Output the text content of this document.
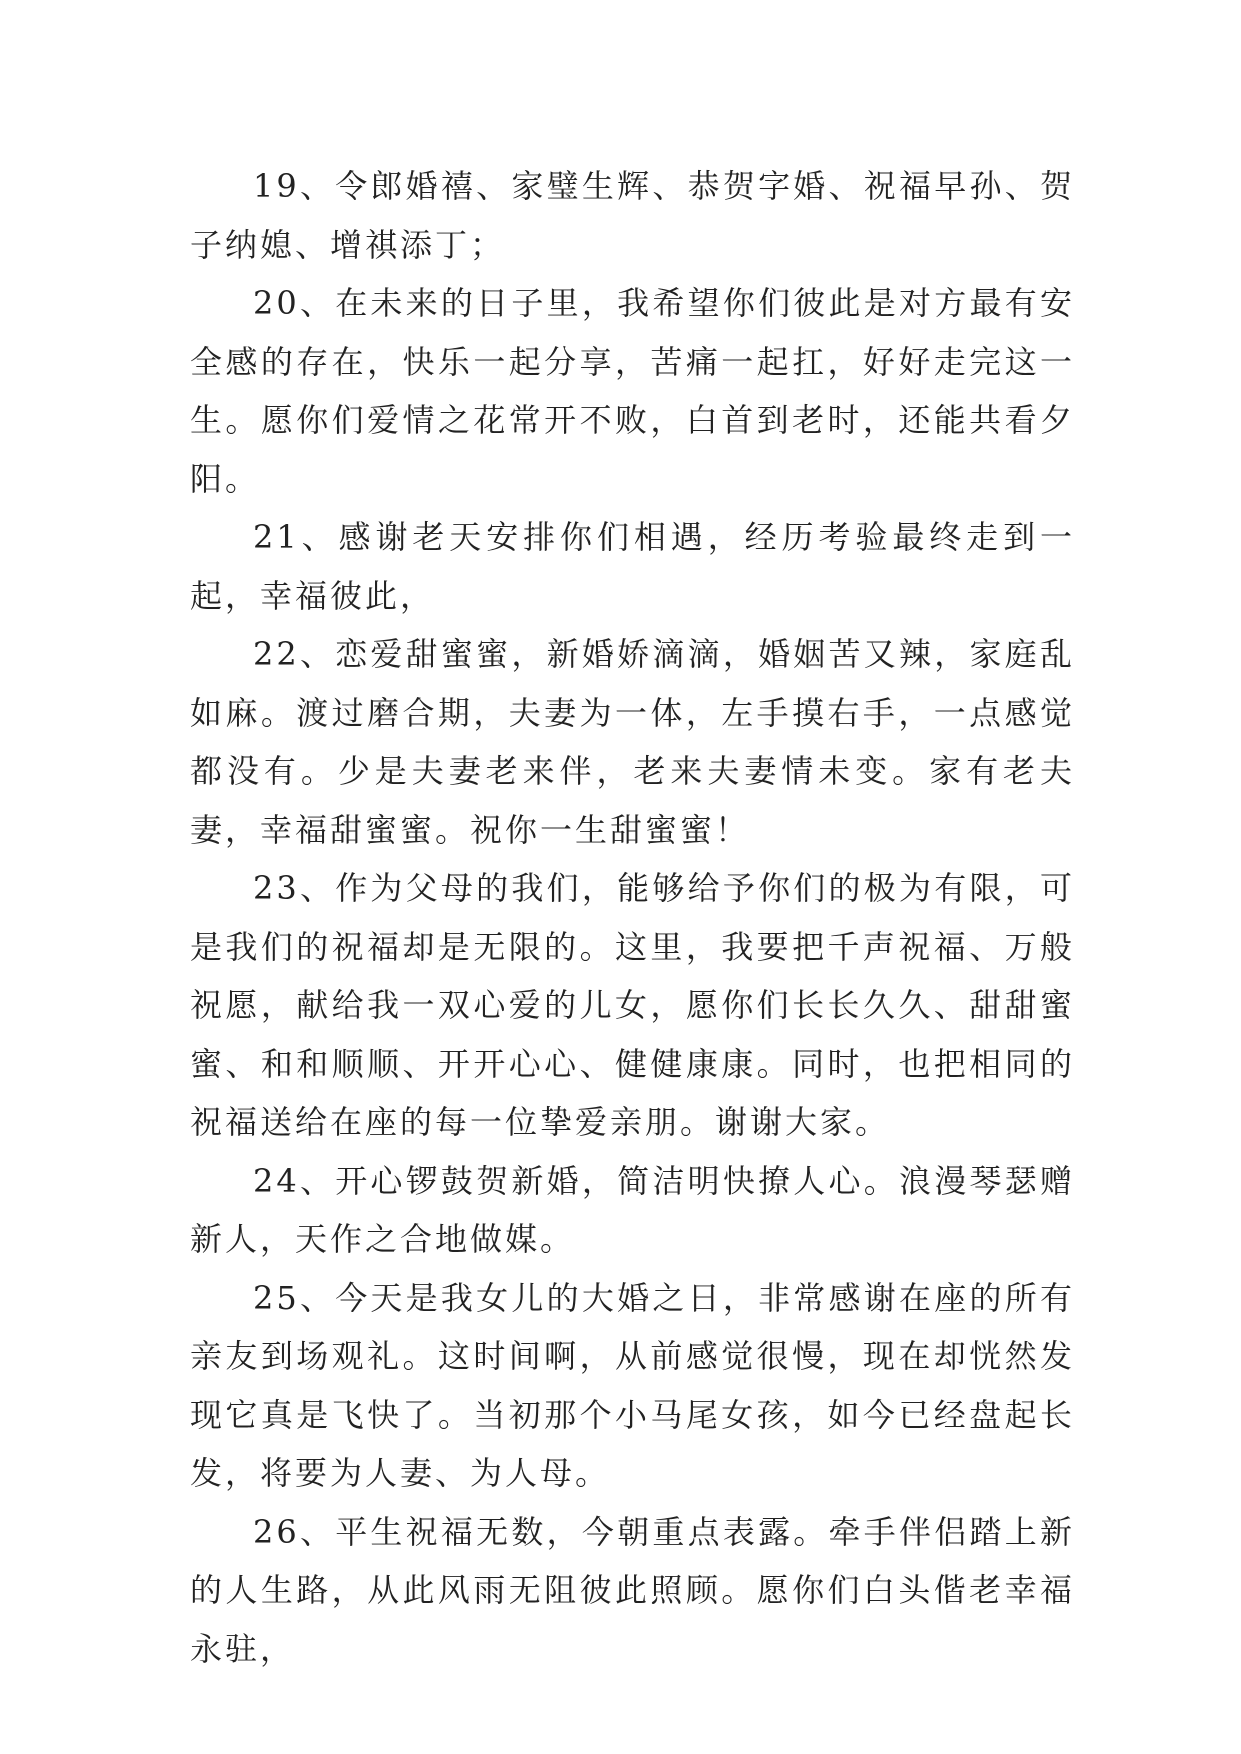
19、令郎婚禧、家璧生辉、恭贺字婚、祝福早孙、贺子纳媳、增祺添丁；

20、在未来的日子里，我希望你们彼此是对方最有安全感的存在，快乐一起分享，苦痛一起扛，好好走完这一生。愿你们爱情之花常开不败，白首到老时，还能共看夕阳。

21、感谢老天安排你们相遇，经历考验最终走到一起，幸福彼此，

22、恋爱甜蜜蜜，新婚娇滴滴，婚姻苦又辣，家庭乱如麻。渡过磨合期，夫妻为一体，左手摸右手，一点感觉都没有。少是夫妻老来伴，老来夫妻情未变。家有老夫妻，幸福甜蜜蜜。祝你一生甜蜜蜜！

23、作为父母的我们，能够给予你们的极为有限，可是我们的祝福却是无限的。这里，我要把千声祝福、万般祝愿，献给我一双心爱的儿女，愿你们长长久久、甜甜蜜蜜、和和顺顺、开开心心、健健康康。同时，也把相同的祝福送给在座的每一位挚爱亲朋。谢谢大家。

24、开心锣鼓贺新婚，简洁明快撩人心。浪漫琴瑟赠新人，天作之合地做媒。

25、今天是我女儿的大婚之日，非常感谢在座的所有亲友到场观礼。这时间啊，从前感觉很慢，现在却恍然发现它真是飞快了。当初那个小马尾女孩，如今已经盘起长发，将要为人妻、为人母。

26、平生祝福无数，今朝重点表露。牵手伴侣踏上新的人生路，从此风雨无阻彼此照顾。愿你们白头偕老幸福永驻，
